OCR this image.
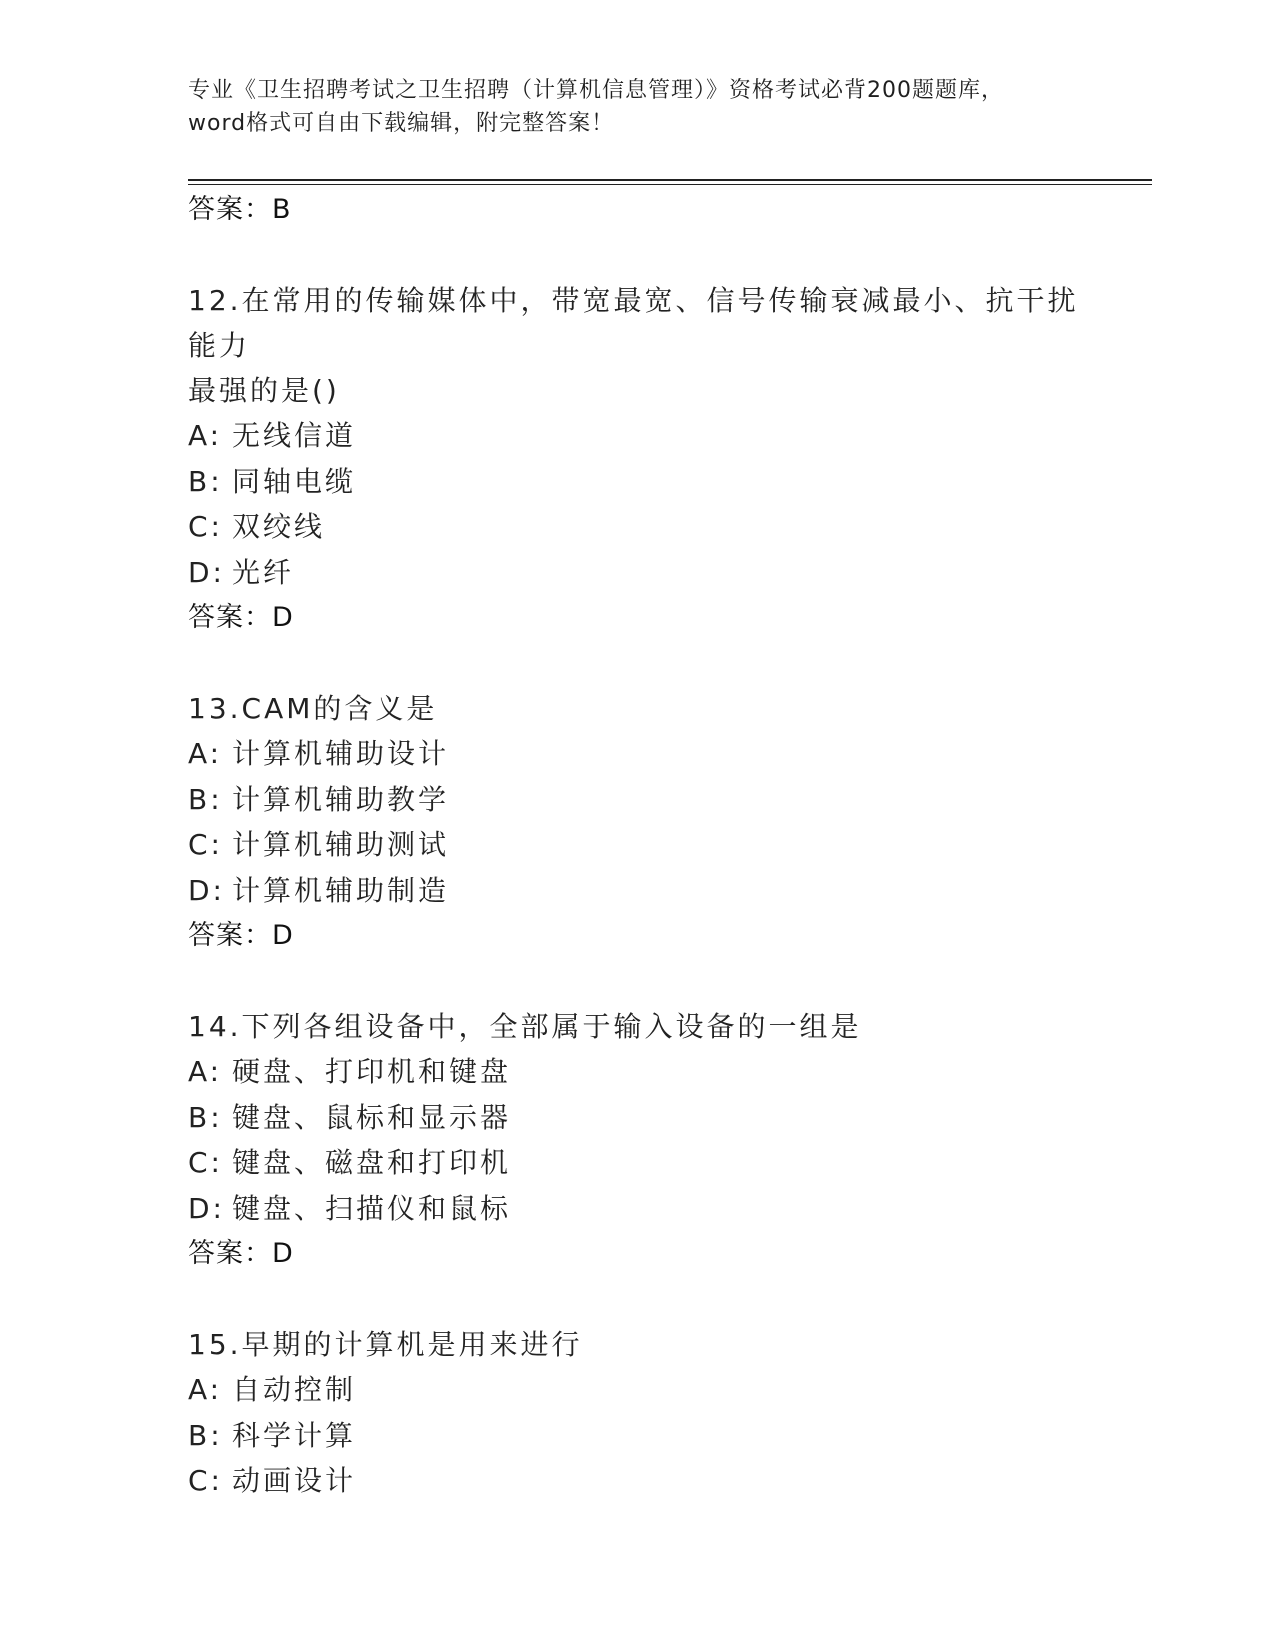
专业《卫生招聘考试之卫生招聘（计算机信息管理）》资格考试必背200题题库，
word格式可自由下载编辑，附完整答案！
答案：B
12.在常用的传输媒体中，带宽最宽、信号传输衰减最小、抗干扰能力
最强的是()
A: 无线信道
B: 同轴电缆
C: 双绞线
D: 光纤
答案：D
13.CAM的含义是
A: 计算机辅助设计
B: 计算机辅助教学
C: 计算机辅助测试
D: 计算机辅助制造
答案：D
14.下列各组设备中，全部属于输入设备的一组是
A: 硬盘、打印机和键盘
B: 键盘、鼠标和显示器
C: 键盘、磁盘和打印机
D: 键盘、扫描仪和鼠标
答案：D
15.早期的计算机是用来进行
A: 自动控制
B: 科学计算
C: 动画设计
